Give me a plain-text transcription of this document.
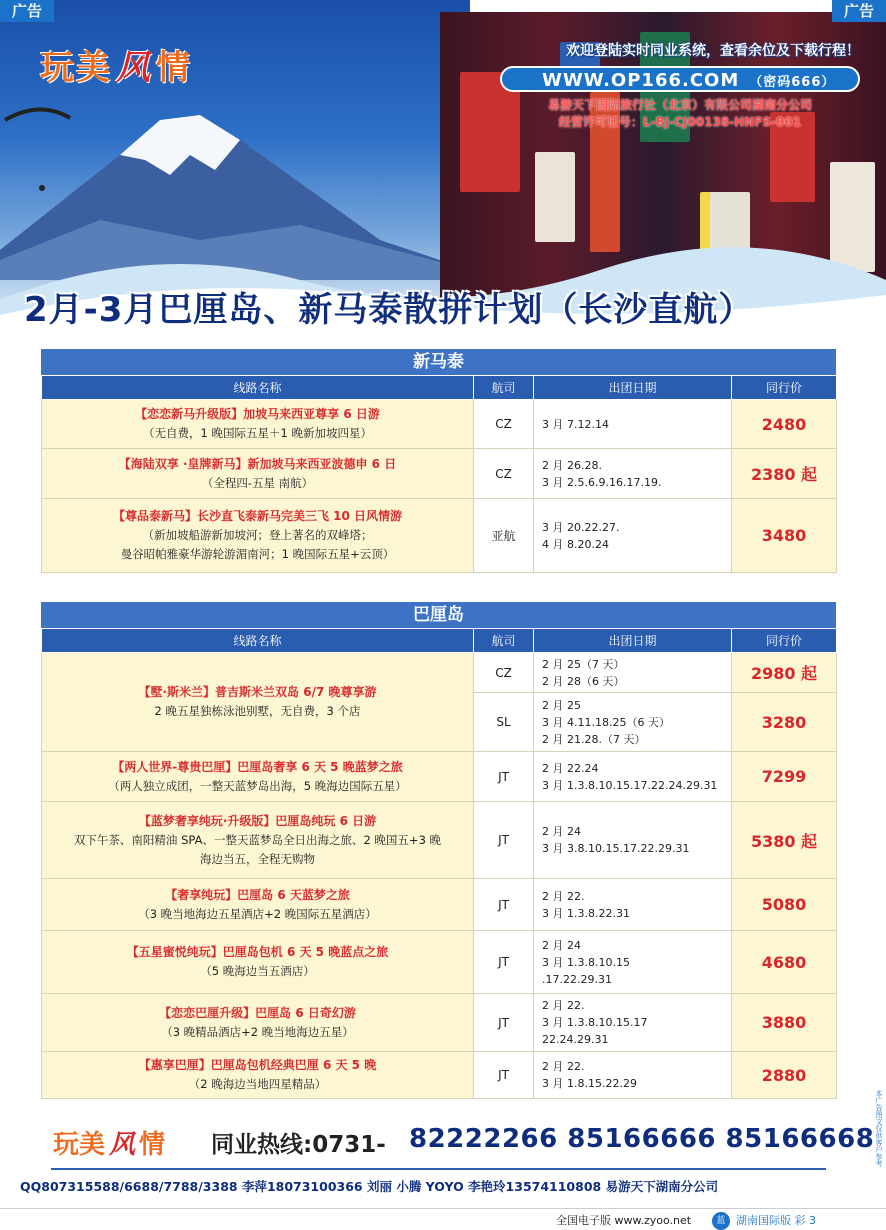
广告	广告
玩美 风 情	欢迎登陆实时同业系统，查看余位及下载行程！
WWW.OP166.COM （密码666）
易游天下国际旅行社（北京）有限公司湖南分公司
经营许可证号：L-BJ-CJ00138-HNFS-001
2月-3月巴厘岛、新马泰散拼计划（长沙直航）
新马泰
线路名称	航司	出团日期	同行价

【恋恋新马升级版】加坡马来西亚尊享 6 日游
（无自费，1 晚国际五星＋1 晚新加坡四星）	CZ	3 月 7.12.14	2480

【海陆双享 ·皇牌新马】新加坡马来西亚波德申 6 日
（全程四-五星 南航）	CZ	2 月 26.28.
3 月 2.5.6.9.16.17.19.	2380 起

【尊品泰新马】长沙直飞泰新马完美三飞 10 日风情游
（新加坡船游新加坡河；登上著名的双峰塔；
曼谷昭帕雅豪华游轮游湄南河；1 晚国际五星+云顶）	亚航	3 月 20.22.27.
4 月 8.20.24	3480
巴厘岛
线路名称	航司	出团日期	同行价

【墅·斯米兰】普吉斯米兰双岛 6/7 晚尊享游
2 晚五星独栋泳池别墅，无自费，3 个店	CZ	2 月 25（7 天）
2 月 28（6 天）	2980 起
	SL	2 月 25
3 月 4.11.18.25（6 天）
2 月 21.28.（7 天）	3280

【两人世界-尊贵巴厘】巴厘岛奢享 6 天 5 晚蓝梦之旅
（两人独立成团，一整天蓝梦岛出海，5 晚海边国际五星）	JT	2 月 22.24
3 月 1.3.8.10.15.17.22.24.29.31	7299

【蓝梦奢享纯玩·升级版】巴厘岛纯玩 6 日游
双下午茶、南阳精油 SPA、一整天蓝梦岛全日出海之旅、2 晚国五+3 晚
海边当五，全程无购物	JT	2 月 24
3 月 3.8.10.15.17.22.29.31	5380 起

【奢享纯玩】巴厘岛 6 天蓝梦之旅
（3 晚当地海边五星酒店+2 晚国际五星酒店）	JT	2 月 22.
3 月 1.3.8.22.31	5080

【五星蜜悦纯玩】巴厘岛包机 6 天 5 晚蓝点之旅
（5 晚海边当五酒店）	JT	2 月 24
3 月 1.3.8.10.15
.17.22.29.31	4680

【恋恋巴厘升级】巴厘岛 6 日奇幻游
（3 晚精品酒店+2 晚当地海边五星）	JT	2 月 22.
3 月 1.3.8.10.15.17
22.24.29.31	3880

【惠享巴厘】巴厘岛包机经典巴厘 6 天 5 晚
（2 晚海边当地四星精品）	JT	2 月 22.
3 月 1.8.15.22.29	2880
玩美 风 情 同业热线:0731- 82222266 85166666 85166668
QQ807315588/6688/7788/3388 李萍18073100366 刘丽 小腾 YOYO 李艳玲13574110808 易游天下湖南分公司
本广告图文仅供客户参考
全国电子版 www.zyoo.net	蓝 湖南国际版 彩 3
